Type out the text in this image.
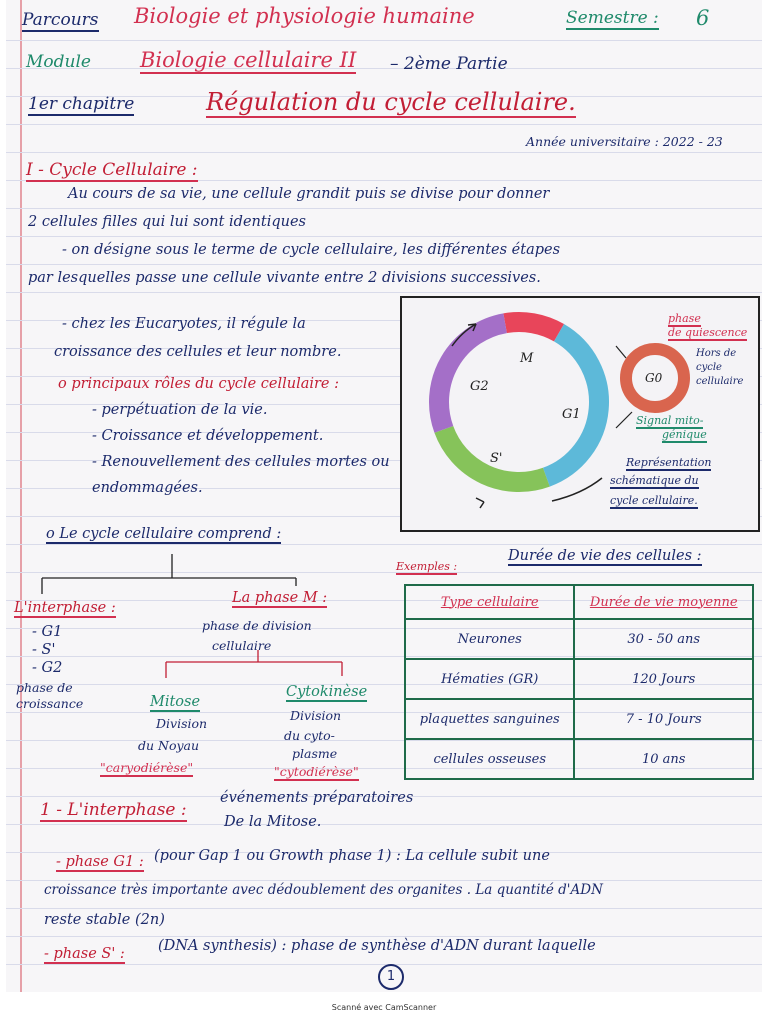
Parcours Biologie et physiologie humaine	Semestre : 6
Module Biologie cellulaire II – 2ème Partie
1er chapitre	Régulation du cycle cellulaire.
Année universitaire : 2022 - 23
I - Cycle Cellulaire :
Au cours de sa vie, une cellule grandit puis se divise pour donner
2 cellules filles qui lui sont identiques
- on désigne sous le terme de cycle cellulaire, les différentes étapes
par lesquelles passe une cellule vivante entre 2 divisions successives.
- chez les Eucaryotes, il régule la
croissance des cellules et leur nombre.
o principaux rôles du cycle cellulaire :
- perpétuation de la vie.
- Croissance et développement.
- Renouvellement des cellules mortes ou
endommagées.
M
G1
G2
S'
G0
phase
de quiescence
Hors de
cycle
cellulaire
Signal mito-
génique
Représentation
schématique du
cycle cellulaire.
o Le cycle cellulaire comprend :
L'interphase :
- G1
- S'
- G2
phase de
croissance
La phase M :
phase de division
cellulaire
Mitose
Division
du Noyau
"caryodiérèse"
Cytokinèse
Division
du cyto-
plasme
"cytodiérèse"
Exemples :
Durée de vie des cellules :
Type cellulaire	Durée de vie moyenne
Neurones	30 - 50 ans
Hématies (GR)	120 Jours
plaquettes sanguines	7 - 10 Jours
cellules osseuses	10 ans
1 - L'interphase :
événements préparatoires
De la Mitose.
- phase G1 : (pour Gap 1 ou Growth phase 1) : La cellule subit une
croissance très importante avec dédoublement des organites . La quantité d'ADN
reste stable (2n)
- phase S' : (DNA synthesis) : phase de synthèse d'ADN durant laquelle
1
Scanné avec CamScanner
